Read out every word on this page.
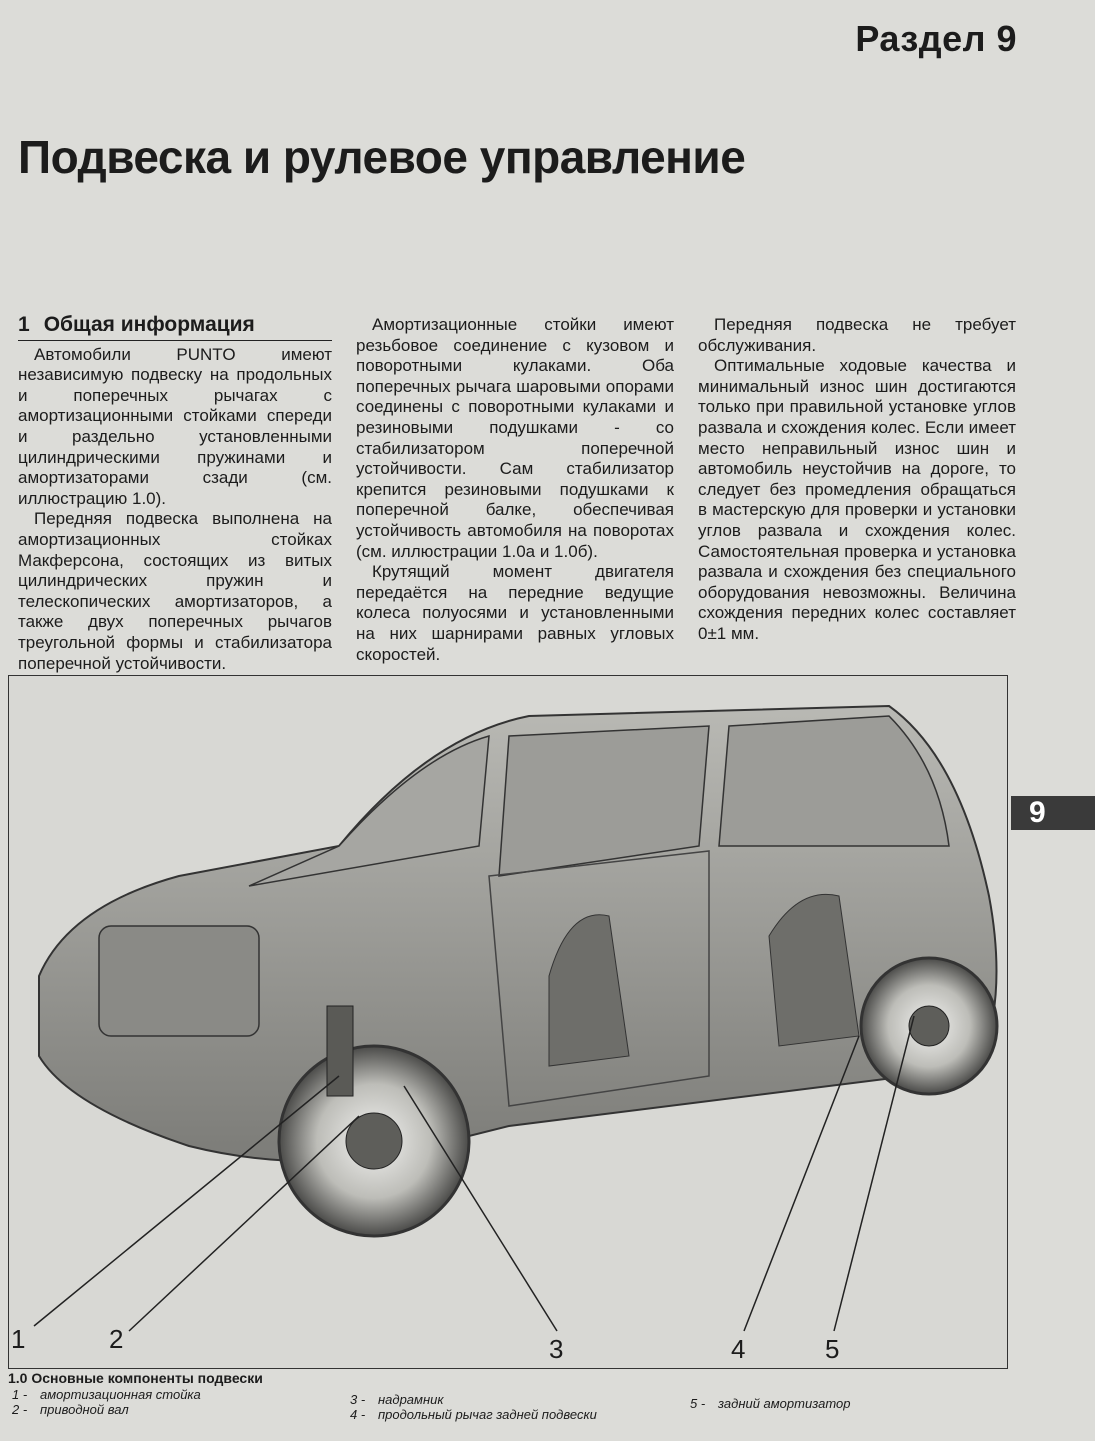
Раздел 9
Подвеска и рулевое управление
1 Общая информация

Автомобили PUNTO имеют независимую подвеску на продольных и поперечных рычагах с амортизационными стойками спереди и раздельно установленными цилиндрическими пружинами и амортизаторами сзади (см. иллюстрацию 1.0).

Передняя подвеска выполнена на амортизационных стойках Макферсона, состоящих из витых цилиндрических пружин и телескопических амортизаторов, а также двух поперечных рычагов треугольной формы и стабилизатора поперечной устойчивости.

Амортизационные стойки имеют резьбовое соединение с кузовом и поворотными кулаками. Оба поперечных рычага шаровыми опорами соединены с поворотными кулаками и резиновыми подушками - со стабилизатором поперечной устойчивости. Сам стабилизатор крепится резиновыми подушками к поперечной балке, обеспечивая устойчивость автомобиля на поворотах (см. иллюстрации 1.0а и 1.0б).

Крутящий момент двигателя передаётся на передние ведущие колеса полуосями и установленными на них шарнирами равных угловых скоростей.

Передняя подвеска не требует обслуживания.

Оптимальные ходовые качества и минимальный износ шин достигаются только при правильной установке углов развала и схождения колес. Если имеет место неправильный износ шин и автомобиль неустойчив на дороге, то следует без промедления обращаться в мастерскую для проверки и установки углов развала и схождения колес. Самостоятельная проверка и установка развала и схождения без специального оборудования невозможны. Величина схождения передних колес составляет 0±1 мм.

9
1	2	3	4	5
1.0 Основные компоненты подвески
1 - амортизационная стойка
2 - приводной вал
3 - надрамник
4 - продольный рычаг задней подвески
5 - задний амортизатор
